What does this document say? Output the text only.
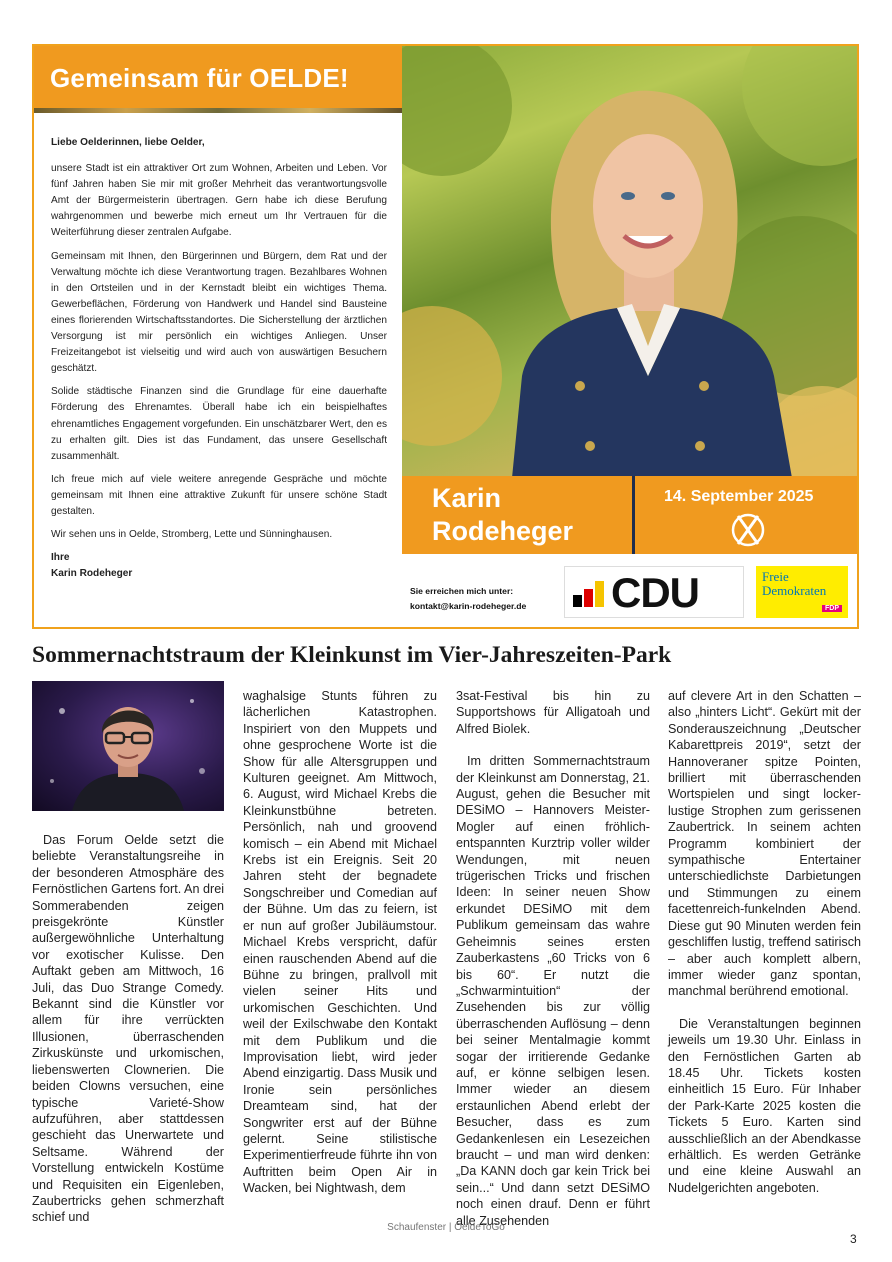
Gemeinsam für OELDE!

Liebe Oelderinnen, liebe Oelder,

unsere Stadt ist ein attraktiver Ort zum Wohnen, Arbeiten und Leben. Vor fünf Jahren haben Sie mir mit großer Mehrheit das verantwortungsvolle Amt der Bürgermeisterin übertragen. Gern habe ich diese Berufung wahrgenommen und bewerbe mich erneut um Ihr Vertrauen für die Weiterführung dieser zentralen Aufgabe.

Gemeinsam mit Ihnen, den Bürgerinnen und Bürgern, dem Rat und der Verwaltung möchte ich diese Verantwortung tragen. Bezahlbares Wohnen in den Ortsteilen und in der Kernstadt bleibt ein wichtiges Thema. Gewerbeflächen, Förderung von Handwerk und Handel sind Bausteine eines florierenden Wirtschaftsstandortes. Die Sicherstellung der ärztlichen Versorgung ist mir persönlich ein wichtiges Anliegen. Unser Freizeitangebot ist vielseitig und wird auch von auswärtigen Besuchern geschätzt.

Solide städtische Finanzen sind die Grundlage für eine dauerhafte Förderung des Ehrenamtes. Überall habe ich ein beispielhaftes ehrenamtliches Engagement vorgefunden. Ein unschätzbarer Wert, den es zu erhalten gilt. Dies ist das Fundament, das unsere Gesellschaft zusammenhält.

Ich freue mich auf viele weitere anregende Gespräche und möchte gemeinsam mit Ihnen eine attraktive Zukunft für unsere schöne Stadt gestalten.

Wir sehen uns in Oelde, Stromberg, Lette und Sünninghausen.

Ihre

Karin Rodeheger

Karin
Rodeheger
14. September 2025
Sie erreichen mich unter:
kontakt@karin-rodeheger.de CDU	Freie
Demokraten
FDP
Sommernachtstraum der Kleinkunst im Vier-Jahreszeiten-Park

Das Forum Oelde setzt die beliebte Veranstaltungsreihe in der besonderen Atmosphäre des Fernöstlichen Gartens fort. An drei Sommerabenden zeigen preisgekrönte Künstler außergewöhnliche Unterhaltung vor exotischer Kulisse. Den Auftakt geben am Mittwoch, 16 Juli, das Duo Strange Comedy. Bekannt sind die Künstler vor allem für ihre verrückten Illusionen, überraschenden Zirkuskünste und urkomischen, liebenswerten Clownerien. Die beiden Clowns versuchen, eine typische Varieté-Show aufzuführen, aber stattdessen geschieht das Unerwartete und Seltsame. Während der Vorstellung entwickeln Kostüme und Requisiten ein Eigenleben, Zaubertricks gehen schmerzhaft schief und

waghalsige Stunts führen zu lächerlichen Katastrophen. Inspiriert von den Muppets und ohne gesprochene Worte ist die Show für alle Altersgruppen und Kulturen geeignet. Am Mittwoch, 6. August, wird Michael Krebs die Kleinkunstbühne betreten. Persönlich, nah und groovend komisch – ein Abend mit Michael Krebs ist ein Ereignis. Seit 20 Jahren steht der begnadete Songschreiber und Comedian auf der Bühne. Um das zu feiern, ist er nun auf großer Jubiläumstour. Michael Krebs verspricht, dafür einen rauschenden Abend auf die Bühne zu bringen, prallvoll mit vielen seiner Hits und urkomischen Geschichten. Und weil der Exilschwabe den Kontakt mit dem Publikum und die Improvisation liebt, wird jeder Abend einzigartig. Dass Musik und Ironie sein persönliches Dreamteam sind, hat der Songwriter erst auf der Bühne gelernt. Seine stilistische Experimentierfreude führte ihn von Auftritten beim Open Air in Wacken, bei Nightwash, dem

3sat-Festival bis hin zu Supportshows für Alligatoah und Alfred Biolek.

Im dritten Sommernachtstraum der Kleinkunst am Donnerstag, 21. August, gehen die Besucher mit DESiMO – Hannovers Meister-Mogler auf einen fröhlich-entspannten Kurztrip voller wilder Wendungen, mit neuen trügerischen Tricks und frischen Ideen: In seiner neuen Show erkundet DESiMO mit dem Publikum gemeinsam das wahre Geheimnis seines ersten Zauberkastens „60 Tricks von 6 bis 60“. Er nutzt die „Schwarmintuition“ der Zusehenden bis zur völlig überraschenden Auflösung – denn bei seiner Mentalmagie kommt sogar der irritierende Gedanke auf, er könne selbigen lesen. Immer wieder an diesem erstaunlichen Abend erlebt der Besucher, dass es zum Gedankenlesen ein Lesezeichen braucht – und man wird denken: „Da KANN doch gar kein Trick bei sein...“ Und dann setzt DESiMO noch einen drauf. Denn er führt alle Zusehenden

auf clevere Art in den Schatten – also „hinters Licht“. Gekürt mit der Sonderauszeichnung „Deutscher Kabarettpreis 2019“, setzt der Hannoveraner spitze Pointen, brilliert mit überraschenden Wortspielen und singt locker-lustige Strophen zum gerissenen Zaubertrick. In seinem achten Programm kombiniert der sympathische Entertainer unterschiedlichste Darbietungen und Stimmungen zu einem facettenreich-funkelnden Abend. Diese gut 90 Minuten werden fein geschliffen lustig, treffend satirisch – aber auch komplett albern, immer wieder ganz spontan, manchmal berührend emotional.

Die Veranstaltungen beginnen jeweils um 19.30 Uhr. Einlass in den Fernöstlichen Garten ab 18.45 Uhr. Tickets kosten einheitlich 15 Euro. Für Inhaber der Park-Karte 2025 kosten die Tickets 5 Euro. Karten sind ausschließlich an der Abendkasse erhältlich. Es werden Getränke und eine kleine Auswahl an Nudelgerichten angeboten.

Schaufenster | OeldeToGo
3
